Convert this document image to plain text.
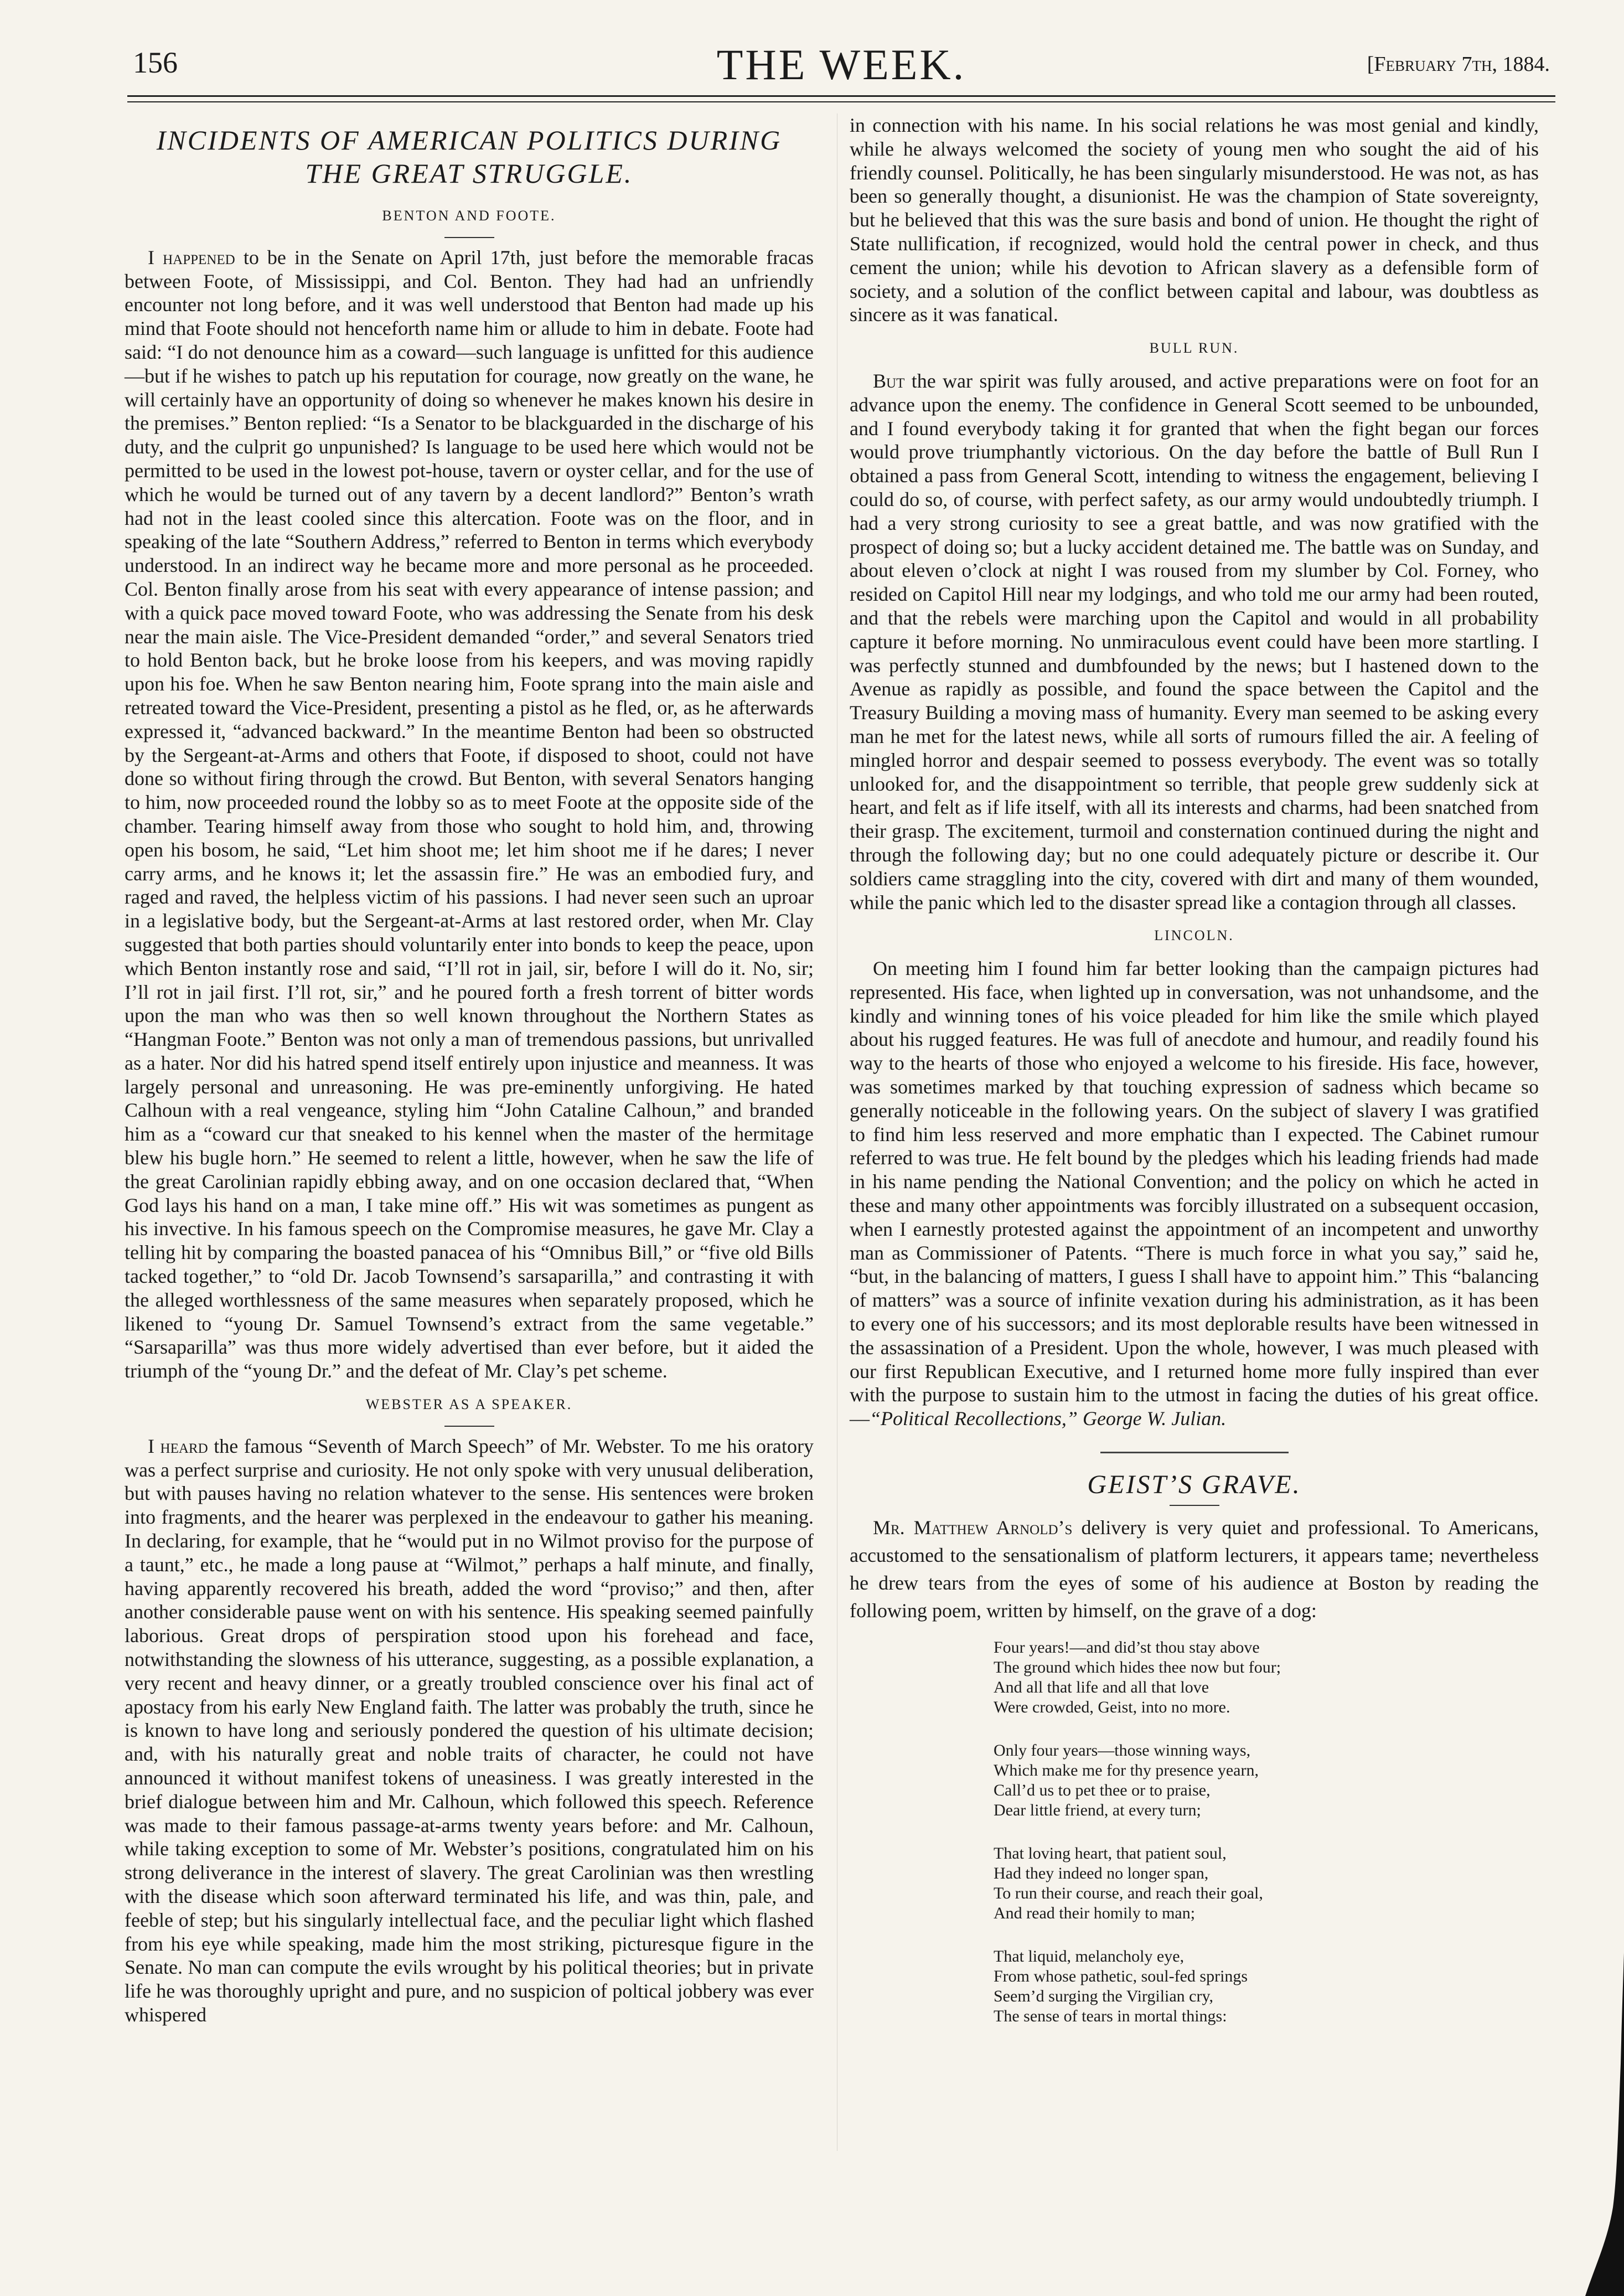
156	THE WEEK.	[February 7th, 1884.
INCIDENTS OF AMERICAN POLITICS DURING THE GREAT STRUGGLE.
BENTON AND FOOTE.

I happened to be in the Senate on April 17th, just before the memorable fracas between Foote, of Mississippi, and Col. Benton. They had had an unfriendly encounter not long before, and it was well understood that Benton had made up his mind that Foote should not henceforth name him or allude to him in debate. Foote had said: “I do not denounce him as a coward—such language is unfitted for this audience—but if he wishes to patch up his reputation for courage, now greatly on the wane, he will certainly have an opportunity of doing so whenever he makes known his desire in the premises.” Benton replied: “Is a Senator to be blackguarded in the discharge of his duty, and the culprit go unpunished? Is language to be used here which would not be permitted to be used in the lowest pot-house, tavern or oyster cellar, and for the use of which he would be turned out of any tavern by a decent landlord?” Benton’s wrath had not in the least cooled since this altercation. Foote was on the floor, and in speaking of the late “Southern Address,” referred to Benton in terms which everybody understood. In an indirect way he became more and more personal as he proceeded. Col. Benton finally arose from his seat with every appearance of intense passion; and with a quick pace moved toward Foote, who was addressing the Senate from his desk near the main aisle. The Vice-President demanded “order,” and several Senators tried to hold Benton back, but he broke loose from his keepers, and was moving rapidly upon his foe. When he saw Benton nearing him, Foote sprang into the main aisle and retreated toward the Vice-President, presenting a pistol as he fled, or, as he afterwards expressed it, “advanced backward.” In the meantime Benton had been so obstructed by the Sergeant-at-Arms and others that Foote, if disposed to shoot, could not have done so without firing through the crowd. But Benton, with several Senators hanging to him, now proceeded round the lobby so as to meet Foote at the opposite side of the chamber. Tearing himself away from those who sought to hold him, and, throwing open his bosom, he said, “Let him shoot me; let him shoot me if he dares; I never carry arms, and he knows it; let the assassin fire.” He was an embodied fury, and raged and raved, the helpless victim of his passions. I had never seen such an uproar in a legislative body, but the Sergeant-at-Arms at last restored order, when Mr. Clay suggested that both parties should voluntarily enter into bonds to keep the peace, upon which Benton instantly rose and said, “I’ll rot in jail, sir, before I will do it. No, sir; I’ll rot in jail first. I’ll rot, sir,” and he poured forth a fresh torrent of bitter words upon the man who was then so well known throughout the Northern States as “Hangman Foote.” Benton was not only a man of tremendous passions, but unrivalled as a hater. Nor did his hatred spend itself entirely upon injustice and meanness. It was largely personal and unreasoning. He was pre-eminently unforgiving. He hated Calhoun with a real vengeance, styling him “John Cataline Calhoun,” and branded him as a “coward cur that sneaked to his kennel when the master of the hermitage blew his bugle horn.” He seemed to relent a little, however, when he saw the life of the great Carolinian rapidly ebbing away, and on one occasion declared that, “When God lays his hand on a man, I take mine off.” His wit was sometimes as pungent as his invective. In his famous speech on the Compromise measures, he gave Mr. Clay a telling hit by comparing the boasted panacea of his “Omnibus Bill,” or “five old Bills tacked together,” to “old Dr. Jacob Townsend’s sarsaparilla,” and contrasting it with the alleged worthlessness of the same measures when separately proposed, which he likened to “young Dr. Samuel Townsend’s extract from the same vegetable.” “Sarsaparilla” was thus more widely advertised than ever before, but it aided the triumph of the “young Dr.” and the defeat of Mr. Clay’s pet scheme.

WEBSTER AS A SPEAKER.

I heard the famous “Seventh of March Speech” of Mr. Webster. To me his oratory was a perfect surprise and curiosity. He not only spoke with very unusual deliberation, but with pauses having no relation whatever to the sense. His sentences were broken into fragments, and the hearer was perplexed in the endeavour to gather his meaning. In declaring, for example, that he “would put in no Wilmot proviso for the purpose of a taunt,” etc., he made a long pause at “Wilmot,” perhaps a half minute, and finally, having apparently recovered his breath, added the word “proviso;” and then, after another considerable pause went on with his sentence. His speaking seemed painfully laborious. Great drops of perspiration stood upon his forehead and face, notwithstanding the slowness of his utterance, suggesting, as a possible explanation, a very recent and heavy dinner, or a greatly troubled conscience over his final act of apostacy from his early New England faith. The latter was probably the truth, since he is known to have long and seriously pondered the question of his ultimate decision; and, with his naturally great and noble traits of character, he could not have announced it without manifest tokens of uneasiness. I was greatly interested in the brief dialogue between him and Mr. Calhoun, which followed this speech. Reference was made to their famous passage-at-arms twenty years before: and Mr. Calhoun, while taking exception to some of Mr. Webster’s positions, congratulated him on his strong deliverance in the interest of slavery. The great Carolinian was then wrestling with the disease which soon afterward terminated his life, and was thin, pale, and feeble of step; but his singularly intellectual face, and the peculiar light which flashed from his eye while speaking, made him the most striking, picturesque figure in the Senate. No man can compute the evils wrought by his political theories; but in private life he was thoroughly upright and pure, and no suspicion of poltical jobbery was ever whispered

in connection with his name. In his social relations he was most genial and kindly, while he always welcomed the society of young men who sought the aid of his friendly counsel. Politically, he has been singularly misunderstood. He was not, as has been so generally thought, a disunionist. He was the champion of State sovereignty, but he believed that this was the sure basis and bond of union. He thought the right of State nullification, if recognized, would hold the central power in check, and thus cement the union; while his devotion to African slavery as a defensible form of society, and a solution of the conflict between capital and labour, was doubtless as sincere as it was fanatical.

BULL RUN.

But the war spirit was fully aroused, and active preparations were on foot for an advance upon the enemy. The confidence in General Scott seemed to be unbounded, and I found everybody taking it for granted that when the fight began our forces would prove triumphantly victorious. On the day before the battle of Bull Run I obtained a pass from General Scott, intending to witness the engagement, believing I could do so, of course, with perfect safety, as our army would undoubtedly triumph. I had a very strong curiosity to see a great battle, and was now gratified with the prospect of doing so; but a lucky accident detained me. The battle was on Sunday, and about eleven o’clock at night I was roused from my slumber by Col. Forney, who resided on Capitol Hill near my lodgings, and who told me our army had been routed, and that the rebels were marching upon the Capitol and would in all probability capture it before morning. No unmiraculous event could have been more startling. I was perfectly stunned and dumbfounded by the news; but I hastened down to the Avenue as rapidly as possible, and found the space between the Capitol and the Treasury Building a moving mass of humanity. Every man seemed to be asking every man he met for the latest news, while all sorts of rumours filled the air. A feeling of mingled horror and despair seemed to possess everybody. The event was so totally unlooked for, and the disappointment so terrible, that people grew suddenly sick at heart, and felt as if life itself, with all its interests and charms, had been snatched from their grasp. The excitement, turmoil and consternation continued during the night and through the following day; but no one could adequately picture or describe it. Our soldiers came straggling into the city, covered with dirt and many of them wounded, while the panic which led to the disaster spread like a contagion through all classes.

LINCOLN.

On meeting him I found him far better looking than the campaign pictures had represented. His face, when lighted up in conversation, was not unhandsome, and the kindly and winning tones of his voice pleaded for him like the smile which played about his rugged features. He was full of anecdote and humour, and readily found his way to the hearts of those who enjoyed a welcome to his fireside. His face, however, was sometimes marked by that touching expression of sadness which became so generally noticeable in the following years. On the subject of slavery I was gratified to find him less reserved and more emphatic than I expected. The Cabinet rumour referred to was true. He felt bound by the pledges which his leading friends had made in his name pending the National Convention; and the policy on which he acted in these and many other appointments was forcibly illustrated on a subsequent occasion, when I earnestly protested against the appointment of an incompetent and unworthy man as Commissioner of Patents. “There is much force in what you say,” said he, “but, in the balancing of matters, I guess I shall have to appoint him.” This “balancing of matters” was a source of infinite vexation during his administration, as it has been to every one of his successors; and its most deplorable results have been witnessed in the assassination of a President. Upon the whole, however, I was much pleased with our first Republican Executive, and I returned home more fully inspired than ever with the purpose to sustain him to the utmost in facing the duties of his great office.—“Political Recollections,” George W. Julian.

GEIST’S GRAVE.

Mr. Matthew Arnold’s delivery is very quiet and professional. To Americans, accustomed to the sensationalism of platform lecturers, it appears tame; nevertheless he drew tears from the eyes of some of his audience at Boston by reading the following poem, written by himself, on the grave of a dog:

Four years!—and did’st thou stay above
The ground which hides thee now but four;
And all that life and all that love
Were crowded, Geist, into no more.
Only four years—those winning ways,
Which make me for thy presence yearn,
Call’d us to pet thee or to praise,
Dear little friend, at every turn;
That loving heart, that patient soul,
Had they indeed no longer span,
To run their course, and reach their goal,
And read their homily to man;
That liquid, melancholy eye,
From whose pathetic, soul-fed springs
Seem’d surging the Virgilian cry,
The sense of tears in mortal things:
